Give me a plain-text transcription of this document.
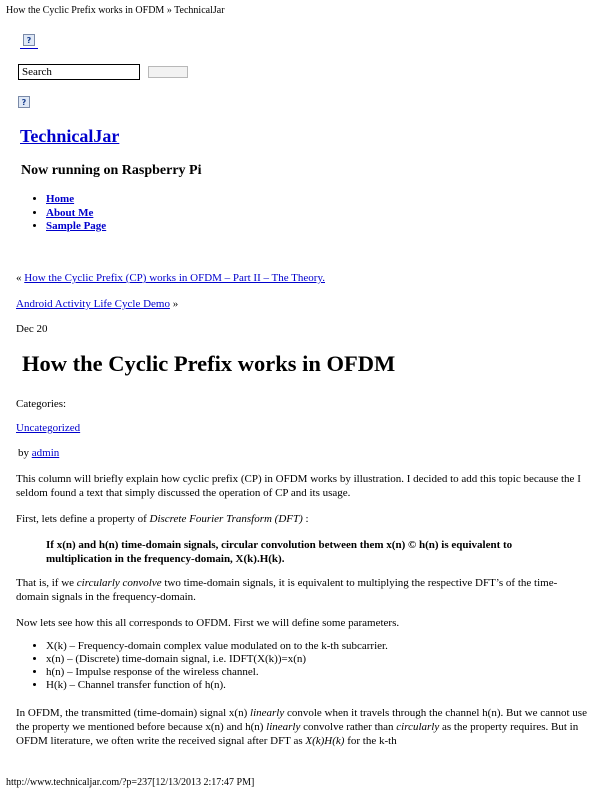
How the Cyclic Prefix works in OFDM » TechnicalJar
?
Search
?
TechnicalJar
Now running on Raspberry Pi
• Home
• About Me
• Sample Page
« How the Cyclic Prefix (CP) works in OFDM – Part II – The Theory.
Android Activity Life Cycle Demo »
Dec 20
How the Cyclic Prefix works in OFDM
Categories:
Uncategorized
by admin

This column will briefly explain how cyclic prefix (CP) in OFDM works by illustration. I decided to add this topic because the I seldom found a text that simply discussed the operation of CP and its usage.

First, lets define a property of Discrete Fourier Transform (DFT) :

If x(n) and h(n) time-domain signals, circular convolution between them x(n) © h(n) is equivalent to multiplication in the frequency-domain, X(k).H(k).

That is, if we circularly convolve two time-domain signals, it is equivalent to multiplying the respective DFT’s of the time-domain signals in the frequency-domain.

Now lets see how this all corresponds to OFDM. First we will define some parameters.

• X(k) – Frequency-domain complex value modulated on to the k-th subcarrier.
• x(n) – (Discrete) time-domain signal, i.e. IDFT(X(k))=x(n)
• h(n) – Impulse response of the wireless channel.
• H(k) – Channel transfer function of h(n).

In OFDM, the transmitted (time-domain) signal x(n) linearly convole when it travels through the channel h(n). But we cannot use the property we mentioned before because x(n) and h(n) linearly convolve rather than circularly as the property requires. But in OFDM literature, we often write the received signal after DFT as X(k)H(k) for the k-th

http://www.technicaljar.com/?p=237[12/13/2013 2:17:47 PM]
